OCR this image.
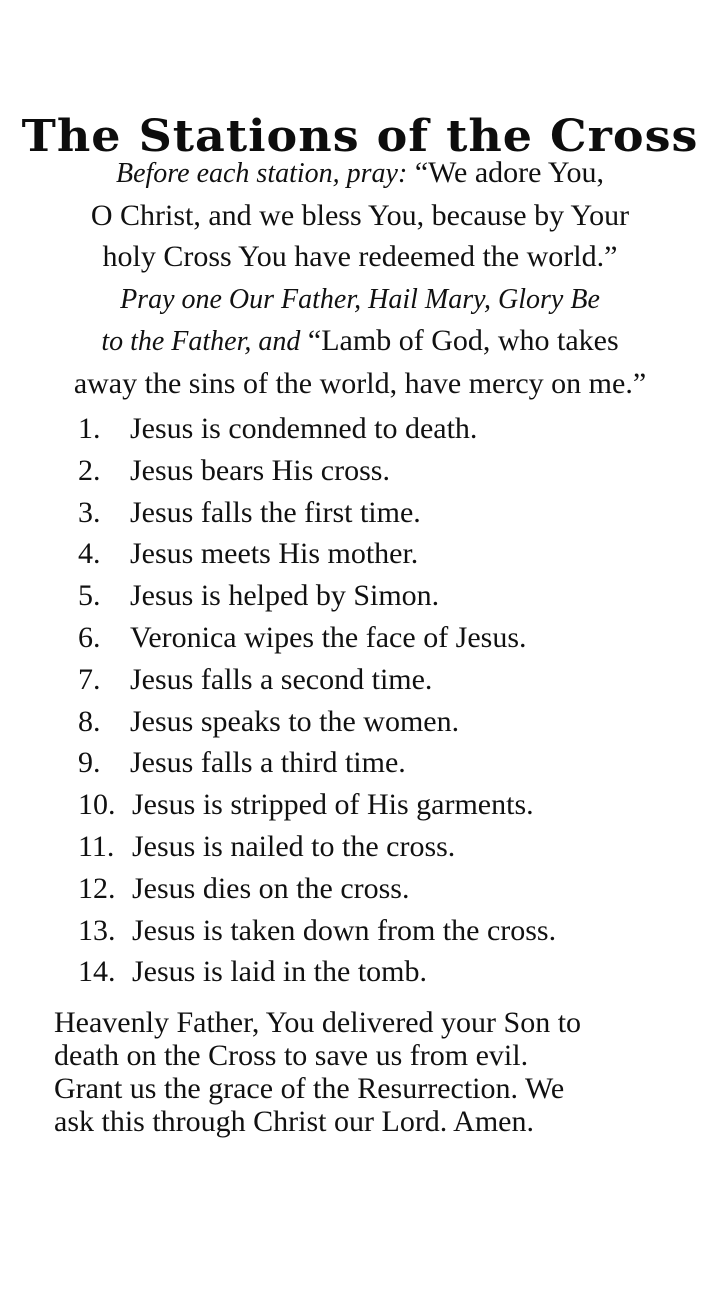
The Stations of the Cross
Before each station, pray: “We adore You,
O Christ, and we bless You, because by Your
holy Cross You have redeemed the world.”
Pray one Our Father, Hail Mary, Glory Be
to the Father, and “Lamb of God, who takes
away the sins of the world, have mercy on me.”
1. Jesus is condemned to death.
2. Jesus bears His cross.
3. Jesus falls the first time.
4. Jesus meets His mother.
5. Jesus is helped by Simon.
6. Veronica wipes the face of Jesus.
7. Jesus falls a second time.
8. Jesus speaks to the women.
9. Jesus falls a third time.
10. Jesus is stripped of His garments.
11. Jesus is nailed to the cross.
12. Jesus dies on the cross.
13. Jesus is taken down from the cross.
14. Jesus is laid in the tomb.
Heavenly Father, You delivered your Son to
death on the Cross to save us from evil.
Grant us the grace of the Resurrection. We
ask this through Christ our Lord. Amen.
